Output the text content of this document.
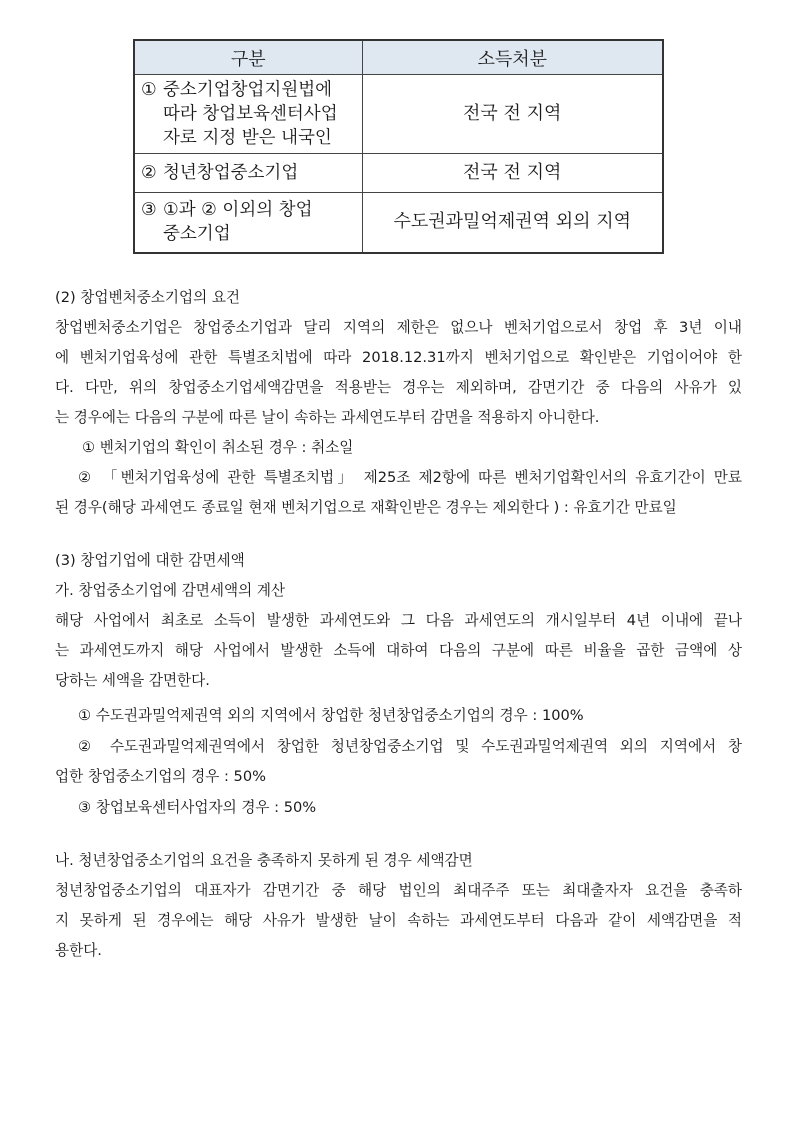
구분	소득처분

① 중소기업창업지원법에
따라 창업보육센터사업
자로 지정 받은 내국인	전국 전 지역
② 청년창업중소기업	전국 전 지역

③ ①과 ② 이외의 창업
중소기업	수도권과밀억제권역 외의 지역
(2) 창업벤처중소기업의 요건
창업벤처중소기업은 창업중소기업과 달리 지역의 제한은 없으나 벤처기업으로서 창업 후 3년 이내
에 벤처기업육성에 관한 특별조치법에 따라 2018.12.31까지 벤처기업으로 확인받은 기업이어야 한
다. 다만, 위의 창업중소기업세액감면을 적용받는 경우는 제외하며, 감면기간 중 다음의 사유가 있
는 경우에는 다음의 구분에 따른 날이 속하는 과세연도부터 감면을 적용하지 아니한다.
① 벤처기업의 확인이 취소된 경우 : 취소일
② 「벤처기업육성에 관한 특별조치법」 제25조 제2항에 따른 벤처기업확인서의 유효기간이 만료
된 경우(해당 과세연도 종료일 현재 벤처기업으로 재확인받은 경우는 제외한다 ) : 유효기간 만료일
(3) 창업기업에 대한 감면세액
가. 창업중소기업에 감면세액의 계산
해당 사업에서 최초로 소득이 발생한 과세연도와 그 다음 과세연도의 개시일부터 4년 이내에 끝나
는 과세연도까지 해당 사업에서 발생한 소득에 대하여 다음의 구분에 따른 비율을 곱한 금액에 상
당하는 세액을 감면한다.
① 수도권과밀억제권역 외의 지역에서 창업한 청년창업중소기업의 경우 : 100%
② 수도권과밀억제권역에서 창업한 청년창업중소기업 및 수도권과밀억제권역 외의 지역에서 창
업한 창업중소기업의 경우 : 50%
③ 창업보육센터사업자의 경우 : 50%
나. 청년창업중소기업의 요건을 충족하지 못하게 된 경우 세액감면
청년창업중소기업의 대표자가 감면기간 중 해당 법인의 최대주주 또는 최대출자자 요건을 충족하
지 못하게 된 경우에는 해당 사유가 발생한 날이 속하는 과세연도부터 다음과 같이 세액감면을 적
용한다.
